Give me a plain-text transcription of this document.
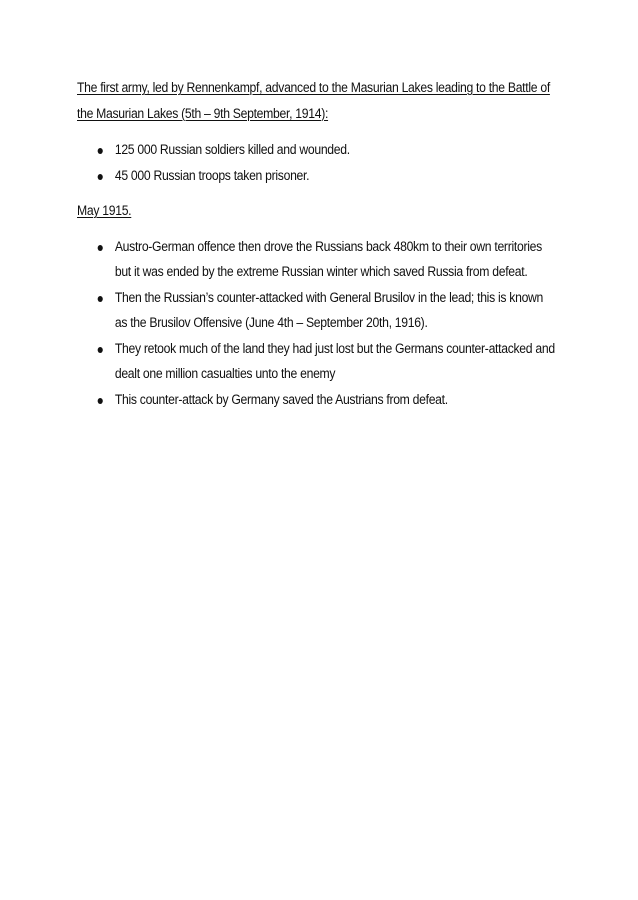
The first army, led by Rennenkampf, advanced to the Masurian Lakes leading to the Battle of the Masurian Lakes (5th – 9th September, 1914):

125 000 Russian soldiers killed and wounded.
45 000 Russian troops taken prisoner.

May 1915.

Austro-German offence then drove the Russians back 480km to their own territories but it was ended by the extreme Russian winter which saved Russia from defeat.
Then the Russian’s counter-attacked with General Brusilov in the lead; this is known as the Brusilov Offensive (June 4th – September 20th, 1916).
They retook much of the land they had just lost but the Germans counter-attacked and dealt one million casualties unto the enemy
This counter-attack by Germany saved the Austrians from defeat.
